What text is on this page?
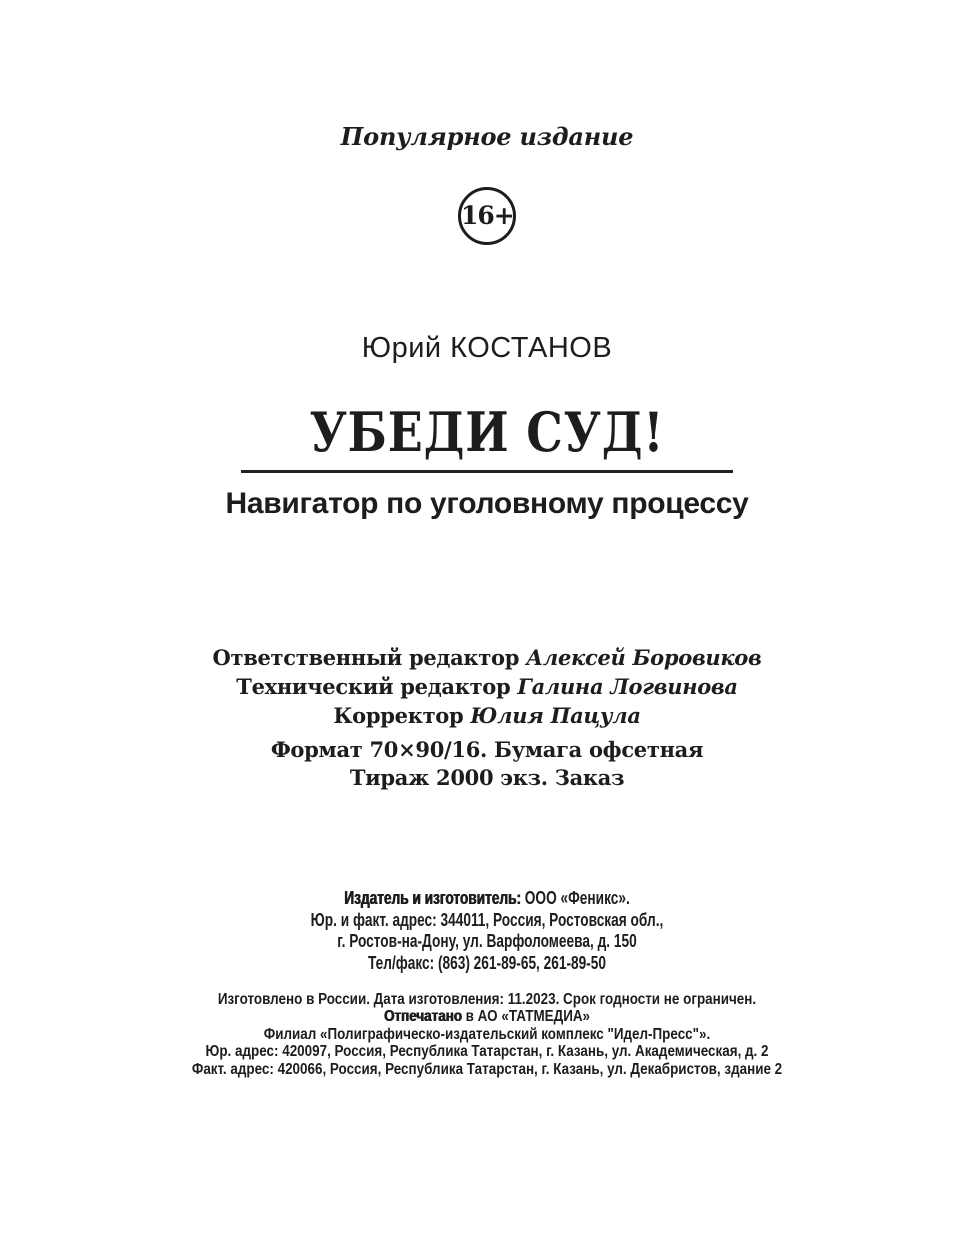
Популярное издание
16+
Юрий КОСТАНОВ
УБЕДИ СУД!
Навигатор по уголовному процессу
Ответственный редактор Алексей Боровиков
Технический редактор Галина Логвинова
Корректор Юлия Пацула
Формат 70×90/16. Бумага офсетная
Тираж 2000 экз. Заказ
Издатель и изготовитель: ООО «Феникс».
Юр. и факт. адрес: 344011, Россия, Ростовская обл.,
г. Ростов-на-Дону, ул. Варфоломеева, д. 150
Тел/факс: (863) 261-89-65, 261-89-50
Изготовлено в России. Дата изготовления: 11.2023. Срок годности не ограничен.
Отпечатано в АО «ТАТМЕДИА»
Филиал «Полиграфическо-издательский комплекс "Идел-Пресс"».
Юр. адрес: 420097, Россия, Республика Татарстан, г. Казань, ул. Академическая, д. 2
Факт. адрес: 420066, Россия, Республика Татарстан, г. Казань, ул. Декабристов, здание 2
